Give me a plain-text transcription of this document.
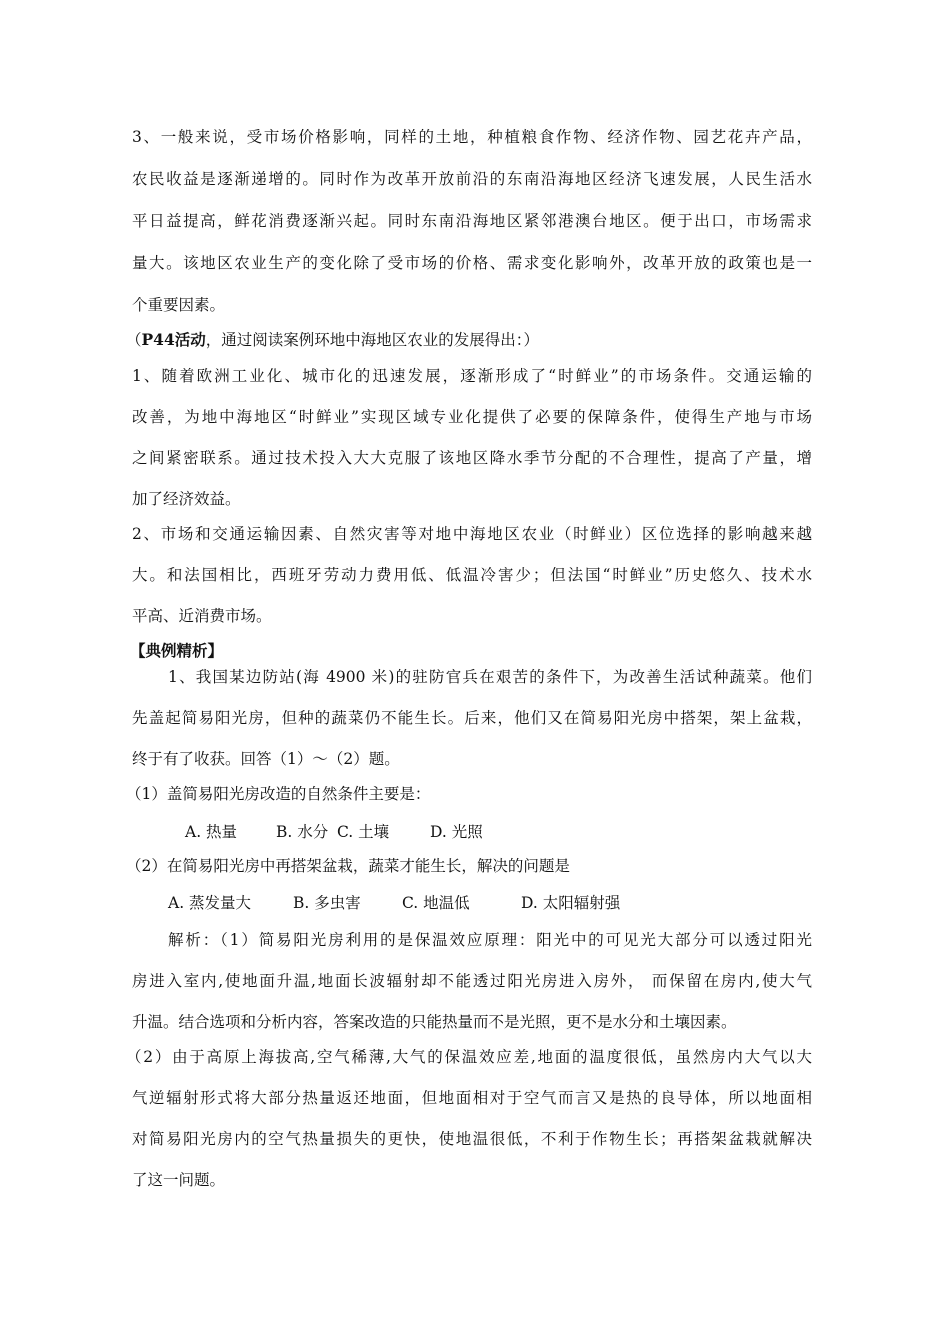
3、一般来说，受市场价格影响，同样的土地，种植粮食作物、经济作物、园艺花卉产品，
农民收益是逐渐递增的。同时作为改革开放前沿的东南沿海地区经济飞速发展，人民生活水
平日益提高，鲜花消费逐渐兴起。同时东南沿海地区紧邻港澳台地区。便于出口，市场需求
量大。该地区农业生产的变化除了受市场的价格、需求变化影响外，改革开放的政策也是一
个重要因素。
（P44活动，通过阅读案例环地中海地区农业的发展得出：）
1、随着欧洲工业化、城市化的迅速发展，逐渐形成了“时鲜业”的市场条件。交通运输的
改善，为地中海地区“时鲜业”实现区域专业化提供了必要的保障条件，使得生产地与市场
之间紧密联系。通过技术投入大大克服了该地区降水季节分配的不合理性，提高了产量，增
加了经济效益。
2、市场和交通运输因素、自然灾害等对地中海地区农业（时鲜业）区位选择的影响越来越
大。和法国相比，西班牙劳动力费用低、低温冷害少；但法国“时鲜业”历史悠久、技术水
平高、近消费市场。
【典例精析】
1、我国某边防站(海 4900 米)的驻防官兵在艰苦的条件下，为改善生活试种蔬菜。他们
先盖起简易阳光房，但种的蔬菜仍不能生长。后来，他们又在简易阳光房中搭架，架上盆栽，
终于有了收获。回答（1）～（2）题。
（1）盖简易阳光房改造的自然条件主要是：
A. 热量	B. 水分 C. 土壤	D. 光照
（2）在简易阳光房中再搭架盆栽，蔬菜才能生长，解决的问题是
A. 蒸发量大	B. 多虫害	C. 地温低	D. 太阳辐射强
解析：（1）简易阳光房利用的是保温效应原理：阳光中的可见光大部分可以透过阳光
房进入室内,使地面升温,地面长波辐射却不能透过阳光房进入房外， 而保留在房内,使大气
升温。结合选项和分析内容，答案改造的只能热量而不是光照，更不是水分和土壤因素。
（2）由于高原上海拔高,空气稀薄,大气的保温效应差,地面的温度很低，虽然房内大气以大
气逆辐射形式将大部分热量返还地面，但地面相对于空气而言又是热的良导体，所以地面相
对简易阳光房内的空气热量损失的更快，使地温很低，不利于作物生长；再搭架盆栽就解决
了这一问题。
